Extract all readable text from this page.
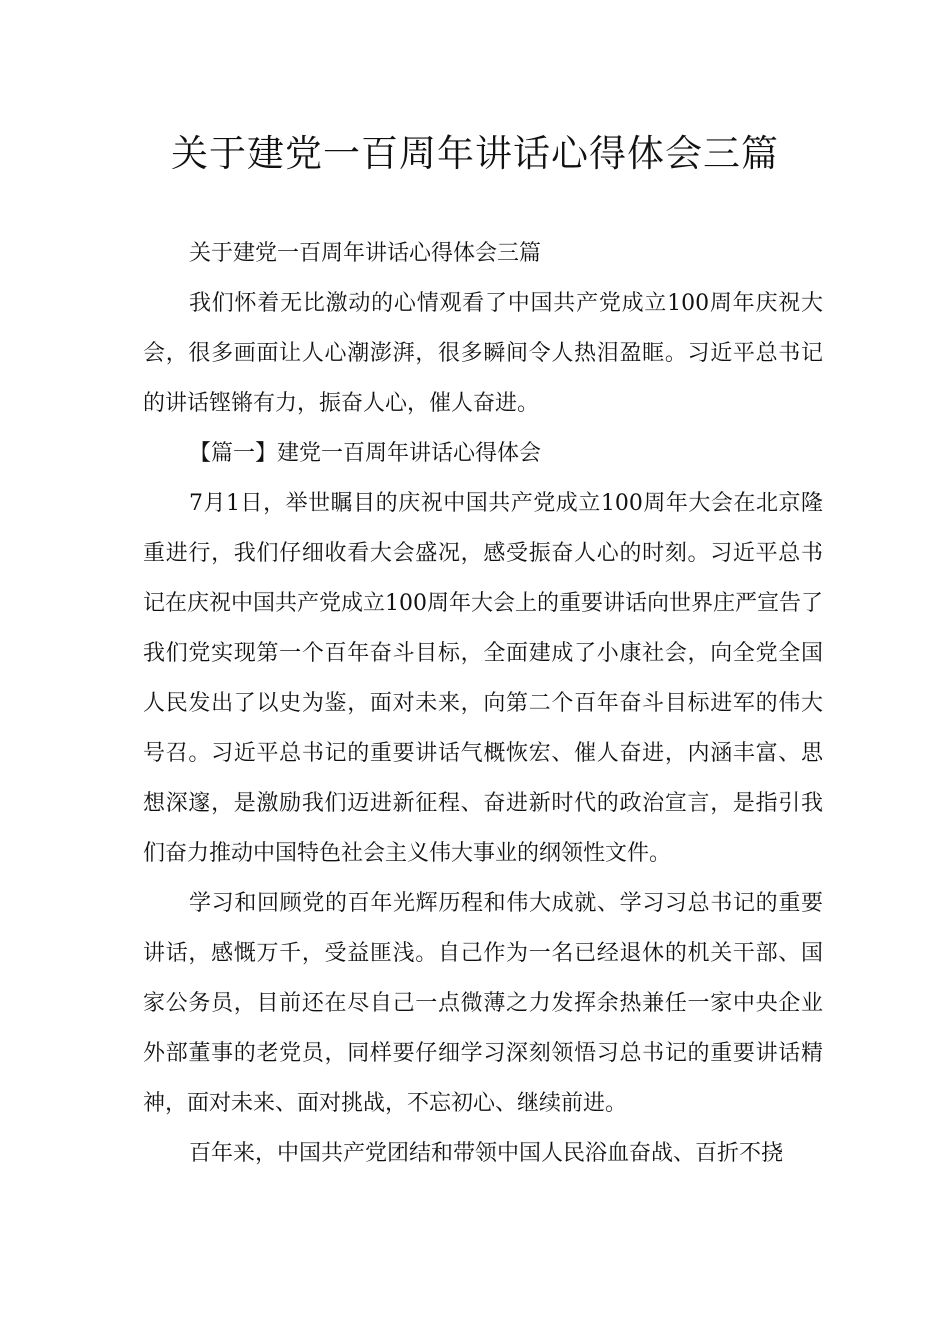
关于建党一百周年讲话心得体会三篇

关于建党一百周年讲话心得体会三篇

我们怀着无比激动的心情观看了中国共产党成立100周年庆祝大会，很多画面让人心潮澎湃，很多瞬间令人热泪盈眶。习近平总书记的讲话铿锵有力，振奋人心，催人奋进。

【篇一】建党一百周年讲话心得体会

7月1日，举世瞩目的庆祝中国共产党成立100周年大会在北京隆重进行，我们仔细收看大会盛况，感受振奋人心的时刻。习近平总书记在庆祝中国共产党成立100周年大会上的重要讲话向世界庄严宣告了我们党实现第一个百年奋斗目标，全面建成了小康社会，向全党全国人民发出了以史为鉴，面对未来，向第二个百年奋斗目标进军的伟大号召。习近平总书记的重要讲话气概恢宏、催人奋进，内涵丰富、思想深邃，是激励我们迈进新征程、奋进新时代的政治宣言，是指引我们奋力推动中国特色社会主义伟大事业的纲领性文件。

学习和回顾党的百年光辉历程和伟大成就、学习习总书记的重要讲话，感慨万千，受益匪浅。自己作为一名已经退休的机关干部、国家公务员，目前还在尽自己一点微薄之力发挥余热兼任一家中央企业外部董事的老党员，同样要仔细学习深刻领悟习总书记的重要讲话精神，面对未来、面对挑战，不忘初心、继续前进。

百年来，中国共产党团结和带领中国人民浴血奋战、百折不挠
